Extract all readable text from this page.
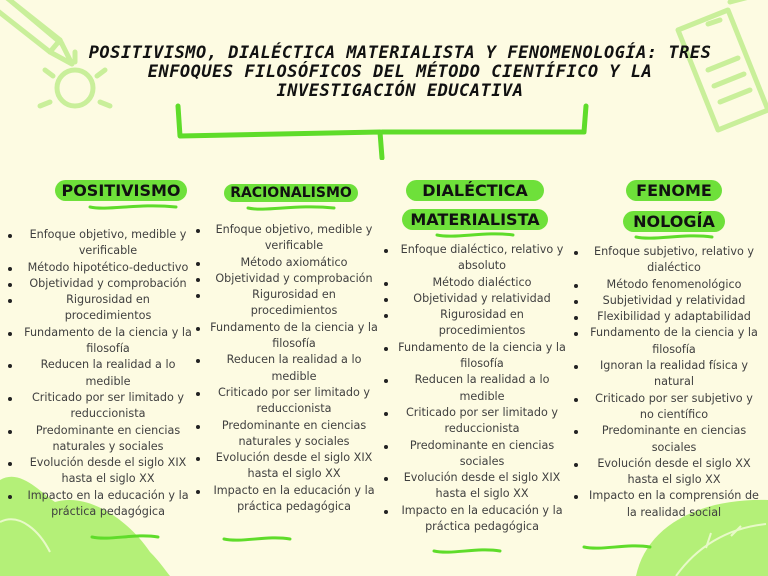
POSITIVISMO, DIALÉCTICA MATERIALISTA Y FENOMENOLOGÍA: TRES ENFOQUES FILOSÓFICOS DEL MÉTODO CIENTÍFICO Y LA INVESTIGACIÓN EDUCATIVA
POSITIVISMO
Enfoque objetivo, medible y verificable
Método hipotético-deductivo
Objetividad y comprobación
Rigurosidad en procedimientos
Fundamento de la ciencia y la filosofía
Reducen la realidad a lo medible
Criticado por ser limitado y reduccionista
Predominante en ciencias naturales y sociales
Evolución desde el siglo XIX hasta el siglo XX
Impacto en la educación y la práctica pedagógica
RACIONALISMO
Enfoque objetivo, medible y verificable
Método axiomático
Objetividad y comprobación
Rigurosidad en procedimientos
Fundamento de la ciencia y la filosofía
Reducen la realidad a lo medible
Criticado por ser limitado y reduccionista
Predominante en ciencias naturales y sociales
Evolución desde el siglo XIX hasta el siglo XX
Impacto en la educación y la práctica pedagógica
DIALÉCTICA
MATERIALISTA
Enfoque dialéctico, relativo y absoluto
Método dialéctico
Objetividad y relatividad
Rigurosidad en procedimientos
Fundamento de la ciencia y la filosofía
Reducen la realidad a lo medible
Criticado por ser limitado y reduccionista
Predominante en ciencias sociales
Evolución desde el siglo XIX hasta el siglo XX
Impacto en la educación y la práctica pedagógica
FENOME
NOLOGÍA
Enfoque subjetivo, relativo y dialéctico
Método fenomenológico
Subjetividad y relatividad
Flexibilidad y adaptabilidad
Fundamento de la ciencia y la filosofía
Ignoran la realidad física y natural
Criticado por ser subjetivo y no científico
Predominante en ciencias sociales
Evolución desde el siglo XX hasta el siglo XX
Impacto en la comprensión de la realidad social
